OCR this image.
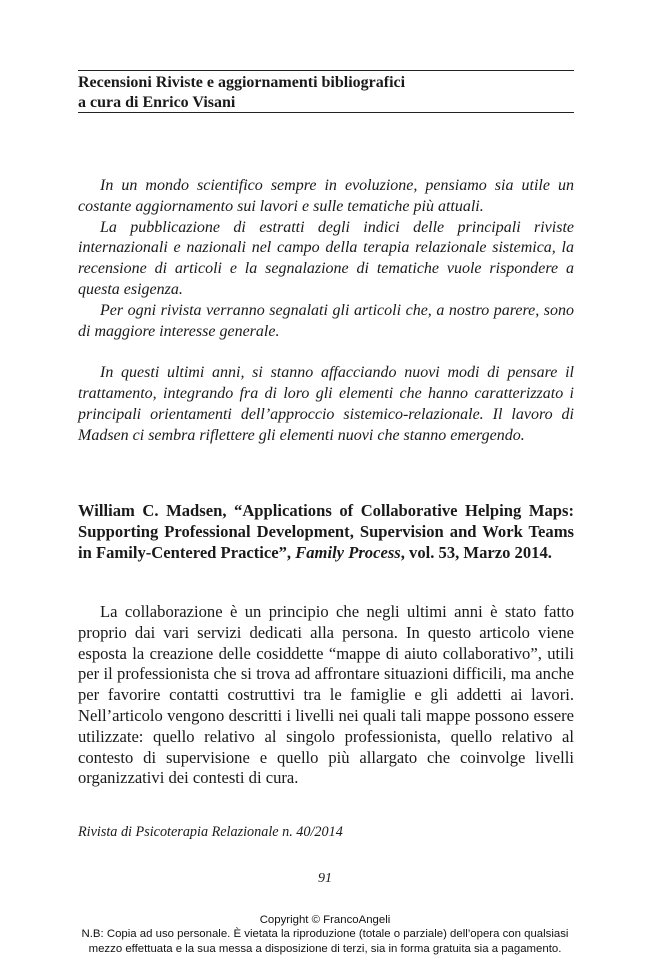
Recensioni Riviste e aggiornamenti bibliografici
a cura di Enrico Visani

In un mondo scientifico sempre in evoluzione, pensiamo sia utile un costante aggiornamento sui lavori e sulle tematiche più attuali.

La pubblicazione di estratti degli indici delle principali riviste internazionali e nazionali nel campo della terapia relazionale sistemica, la recensione di articoli e la segnalazione di tematiche vuole rispondere a questa esigenza.

Per ogni rivista verranno segnalati gli articoli che, a nostro parere, sono di maggiore interesse generale.

In questi ultimi anni, si stanno affacciando nuovi modi di pensare il trattamento, integrando fra di loro gli elementi che hanno caratterizzato i principali orientamenti dell’approccio sistemico-relazionale. Il lavoro di Madsen ci sembra riflettere gli elementi nuovi che stanno emergendo.

William C. Madsen, “Applications of Collaborative Helping Maps: Supporting Professional Development, Supervision and Work Teams in Family-Centered Practice”, Family Process, vol. 53, Marzo 2014.

La collaborazione è un principio che negli ultimi anni è stato fatto proprio dai vari servizi dedicati alla persona. In questo articolo viene esposta la creazione delle cosiddette “mappe di aiuto collaborativo”, utili per il professionista che si trova ad affrontare situazioni difficili, ma anche per favorire contatti costruttivi tra le famiglie e gli addetti ai lavori. Nell’articolo vengono descritti i livelli nei quali tali mappe possono essere utilizzate: quello relativo al singolo professionista, quello relativo al contesto di supervisione e quello più allargato che coinvolge livelli organizzativi dei contesti di cura.

Rivista di Psicoterapia Relazionale n. 40/2014
91
Copyright © FrancoAngeli
N.B: Copia ad uso personale. È vietata la riproduzione (totale o parziale) dell’opera con qualsiasi
mezzo effettuata e la sua messa a disposizione di terzi, sia in forma gratuita sia a pagamento.
